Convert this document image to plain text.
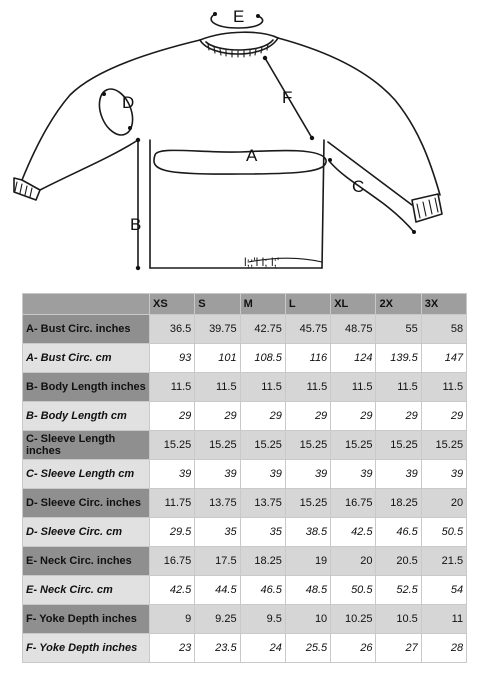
A
B
C
D
E
F
l;;'l l; l;'
	XS	S	M	L	XL	2X	3X
A- Bust Circ. inches	36.5	39.75	42.75	45.75	48.75	55	58
A- Bust Circ. cm	93	101	108.5	116	124	139.5	147
B- Body Length inches	11.5	11.5	11.5	11.5	11.5	11.5	11.5
B- Body Length cm	29	29	29	29	29	29	29
C- Sleeve Length inches	15.25	15.25	15.25	15.25	15.25	15.25	15.25
C- Sleeve Length cm	39	39	39	39	39	39	39
D- Sleeve Circ. inches	11.75	13.75	13.75	15.25	16.75	18.25	20
D- Sleeve Circ. cm	29.5	35	35	38.5	42.5	46.5	50.5
E- Neck Circ. inches	16.75	17.5	18.25	19	20	20.5	21.5
E- Neck Circ. cm	42.5	44.5	46.5	48.5	50.5	52.5	54
F- Yoke Depth inches	9	9.25	9.5	10	10.25	10.5	11
F- Yoke Depth inches	23	23.5	24	25.5	26	27	28
